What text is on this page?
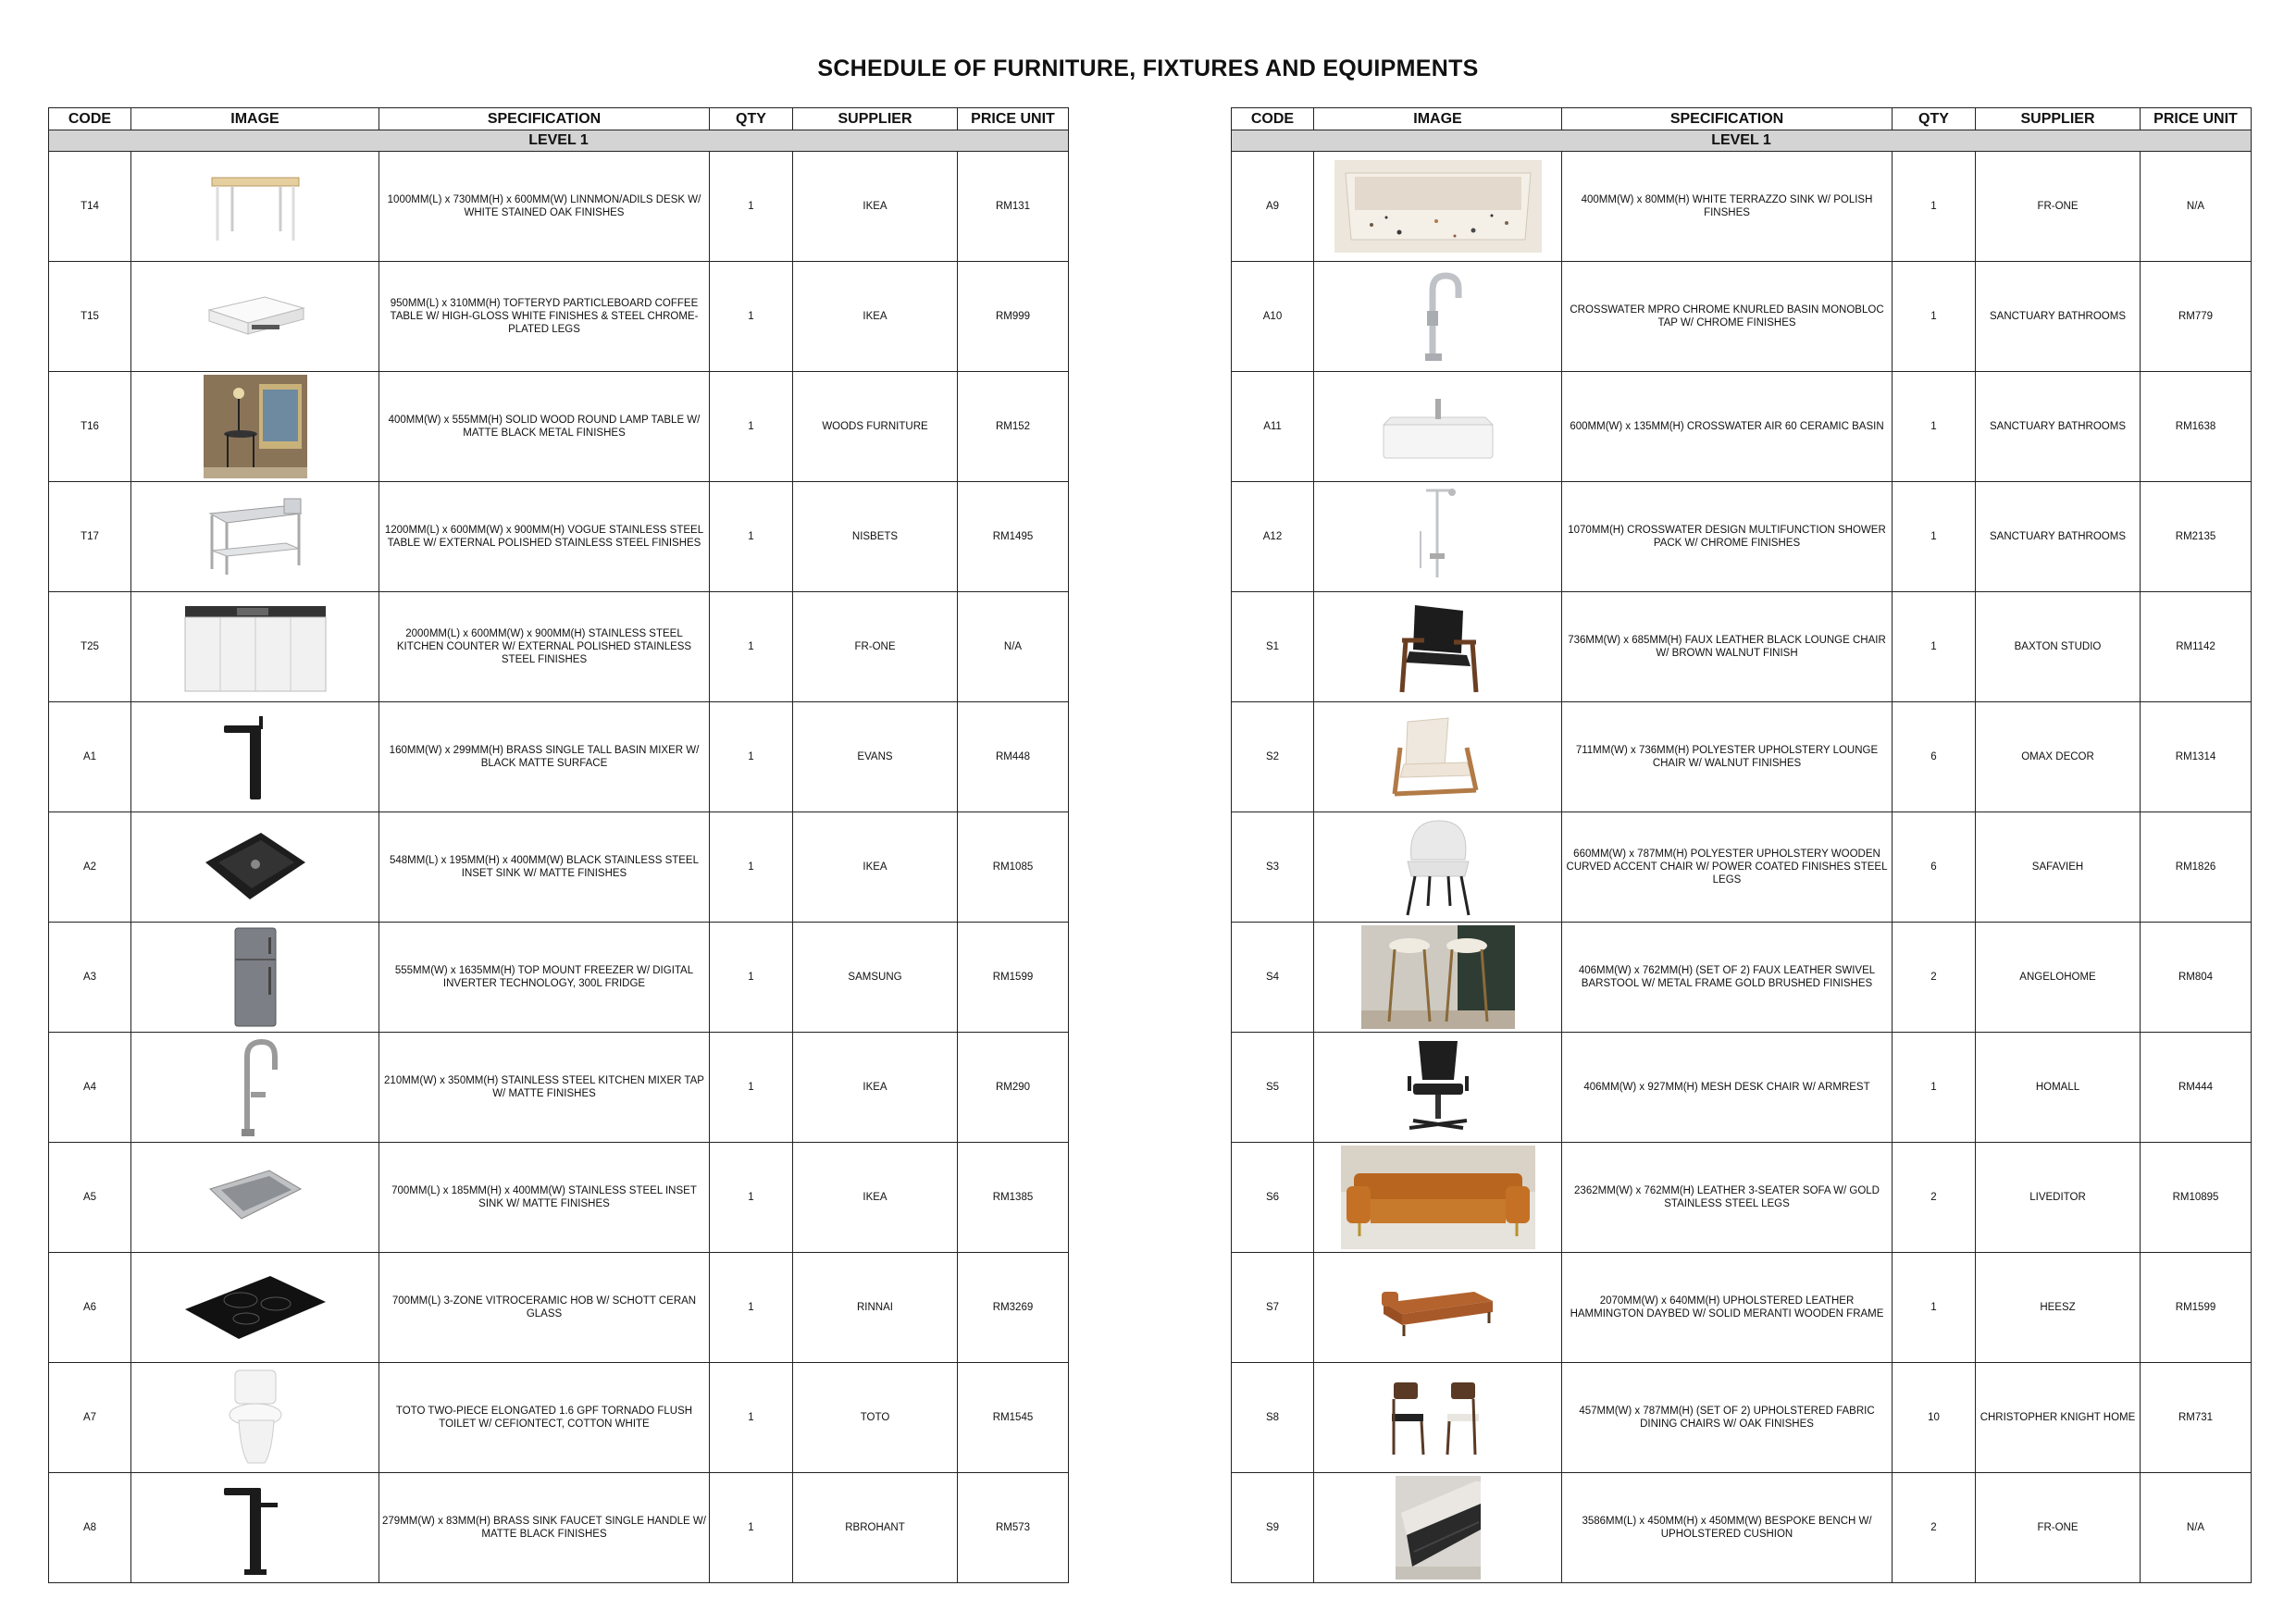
SCHEDULE OF FURNITURE, FIXTURES AND EQUIPMENTS
CODE	IMAGE	SPECIFICATION	QTY	SUPPLIER	PRICE UNIT
LEVEL 1					
T14		1000MM(L) x 730MM(H) x 600MM(W) LINNMON/ADILS DESK W/ WHITE STAINED OAK FINISHES	1	IKEA	RM131
T15		950MM(L) x 310MM(H) TOFTERYD PARTICLEBOARD COFFEE TABLE W/ HIGH-GLOSS WHITE FINISHES & STEEL CHROME-PLATED LEGS	1	IKEA	RM999
T16		400MM(W) x 555MM(H) SOLID WOOD ROUND LAMP TABLE W/ MATTE BLACK METAL FINISHES	1	WOODS FURNITURE	RM152
T17		1200MM(L) x 600MM(W) x 900MM(H) VOGUE STAINLESS STEEL TABLE W/ EXTERNAL POLISHED STAINLESS STEEL FINISHES	1	NISBETS	RM1495
T25		2000MM(L) x 600MM(W) x 900MM(H) STAINLESS STEEL KITCHEN COUNTER W/ EXTERNAL POLISHED STAINLESS STEEL FINISHES	1	FR-ONE	N/A
A1		160MM(W) x 299MM(H) BRASS SINGLE TALL BASIN MIXER W/ BLACK MATTE SURFACE	1	EVANS	RM448
A2		548MM(L) x 195MM(H) x 400MM(W) BLACK STAINLESS STEEL INSET SINK W/ MATTE FINISHES	1	IKEA	RM1085
A3		555MM(W) x 1635MM(H) TOP MOUNT FREEZER W/ DIGITAL INVERTER TECHNOLOGY, 300L FRIDGE	1	SAMSUNG	RM1599
A4		210MM(W) x 350MM(H) STAINLESS STEEL KITCHEN MIXER TAP W/ MATTE FINISHES	1	IKEA	RM290
A5		700MM(L) x 185MM(H) x 400MM(W) STAINLESS STEEL INSET SINK W/ MATTE FINISHES	1	IKEA	RM1385
A6		700MM(L) 3-ZONE VITROCERAMIC HOB W/ SCHOTT CERAN GLASS	1	RINNAI	RM3269
A7		TOTO TWO-PIECE ELONGATED 1.6 GPF TORNADO FLUSH TOILET W/ CEFIONTECT, COTTON WHITE	1	TOTO	RM1545
A8		279MM(W) x 83MM(H) BRASS SINK FAUCET SINGLE HANDLE W/ MATTE BLACK FINISHES	1	RBROHANT	RM573
CODE	IMAGE	SPECIFICATION	QTY	SUPPLIER	PRICE UNIT
LEVEL 1					
A9		400MM(W) x 80MM(H) WHITE TERRAZZO SINK W/ POLISH FINSHES	1	FR-ONE	N/A
A10		CROSSWATER MPRO CHROME KNURLED BASIN MONOBLOC TAP W/ CHROME FINISHES	1	SANCTUARY BATHROOMS	RM779
A11		600MM(W) x 135MM(H) CROSSWATER AIR 60 CERAMIC BASIN	1	SANCTUARY BATHROOMS	RM1638
A12		1070MM(H) CROSSWATER DESIGN MULTIFUNCTION SHOWER PACK W/ CHROME FINISHES	1	SANCTUARY BATHROOMS	RM2135
S1		736MM(W) x 685MM(H) FAUX LEATHER BLACK LOUNGE CHAIR W/ BROWN WALNUT FINISH	1	BAXTON STUDIO	RM1142
S2		711MM(W) x 736MM(H) POLYESTER UPHOLSTERY LOUNGE CHAIR W/ WALNUT FINISHES	6	OMAX DECOR	RM1314
S3		660MM(W) x 787MM(H) POLYESTER UPHOLSTERY WOODEN CURVED ACCENT CHAIR W/ POWER COATED FINISHES STEEL LEGS	6	SAFAVIEH	RM1826
S4		406MM(W) x 762MM(H) (SET OF 2) FAUX LEATHER SWIVEL BARSTOOL W/ METAL FRAME GOLD BRUSHED FINISHES	2	ANGELOHOME	RM804
S5		406MM(W) x 927MM(H) MESH DESK CHAIR W/ ARMREST	1	HOMALL	RM444
S6		2362MM(W) x 762MM(H) LEATHER 3-SEATER SOFA W/ GOLD STAINLESS STEEL LEGS	2	LIVEDITOR	RM10895
S7		2070MM(W) x 640MM(H) UPHOLSTERED LEATHER HAMMINGTON DAYBED W/ SOLID MERANTI WOODEN FRAME	1	HEESZ	RM1599
S8		457MM(W) x 787MM(H) (SET OF 2) UPHOLSTERED FABRIC DINING CHAIRS W/ OAK FINISHES	10	CHRISTOPHER KNIGHT HOME	RM731
S9		3586MM(L) x 450MM(H) x 450MM(W) BESPOKE BENCH W/ UPHOLSTERED CUSHION	2	FR-ONE	N/A
